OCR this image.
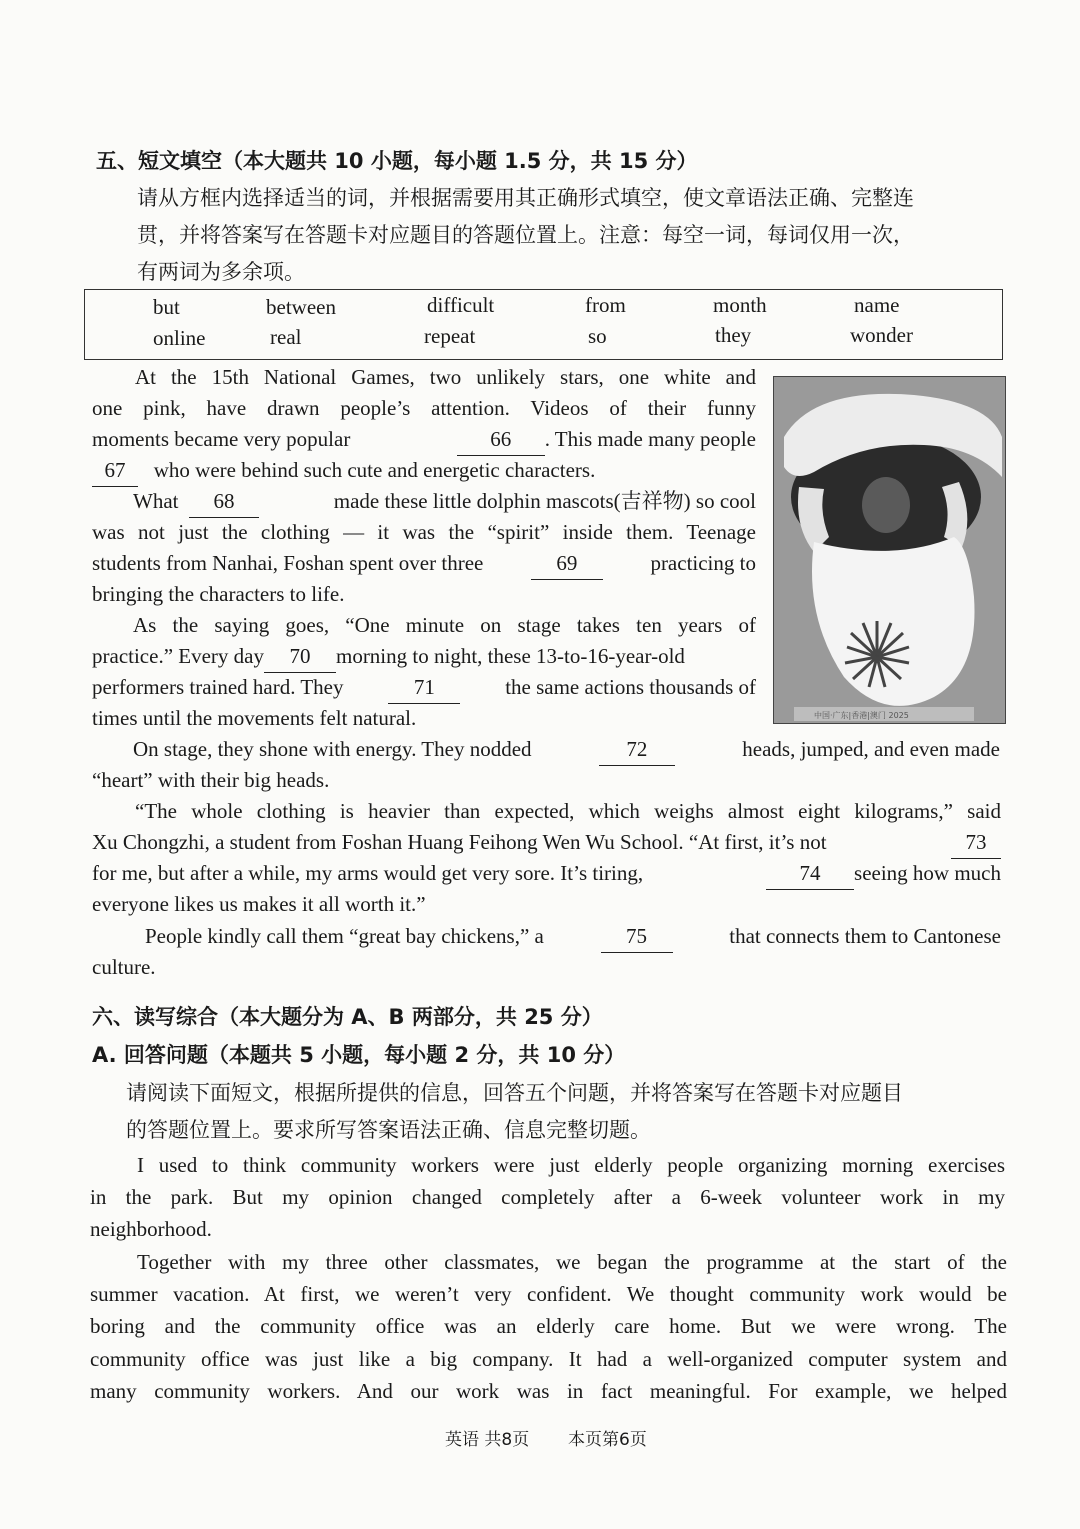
五、短文填空（本大题共 10 小题，每小题 1.5 分，共 15 分）
请从方框内选择适当的词，并根据需要用其正确形式填空，使文章语法正确、完整连
贯，并将答案写在答题卡对应题目的答题位置上。注意：每空一词，每词仅用一次，
有两词为多余项。
but	between	difficult	from	month	name
online	real	repeat	so	they	wonder
At the 15th National Games, two unlikely stars, one white and
one pink, have drawn people’s attention. Videos of their funny
moments became very popular	66 . This made many people
67 who were behind such cute and energetic characters.
What 68	made these little dolphin mascots(吉祥物) so cool
was not just the clothing — it was the “spirit” inside them. Teenage
students from Nanhai, Foshan spent over three	69	practicing to
bringing the characters to life.
As the saying goes, “One minute on stage takes ten years of
practice.” Every day 70 morning to night, these 13-to-16-year-old
performers trained hard. They	71	the same actions thousands of
times until the movements felt natural.	中国·广东|香港|澳门 2025
On stage, they shone with energy. They nodded	72	heads, jumped, and even made
“heart” with their big heads.
“The whole clothing is heavier than expected, which weighs almost eight kilograms,” said
Xu Chongzhi, a student from Foshan Huang Feihong Wen Wu School. “At first, it’s not	73
for me, but after a while, my arms would get very sore. It’s tiring,	74 seeing how much
everyone likes us makes it all worth it.”
People kindly call them “great bay chickens,” a	75	that connects them to Cantonese
culture.
六、读写综合（本大题分为 A、B 两部分，共 25 分）
A. 回答问题（本题共 5 小题，每小题 2 分，共 10 分）
请阅读下面短文，根据所提供的信息，回答五个问题，并将答案写在答题卡对应题目
的答题位置上。要求所写答案语法正确、信息完整切题。
I used to think community workers were just elderly people organizing morning exercises
in the park. But my opinion changed completely after a 6-week volunteer work in my
neighborhood.
Together with my three other classmates, we began the programme at the start of the
summer vacation. At first, we weren’t very confident. We thought community work would be
boring and the community office was an elderly care home. But we were wrong. The
community office was just like a big company. It had a well-organized computer system and
many community workers. And our work was in fact meaningful. For example, we helped
英语 共8页 本页第6页
